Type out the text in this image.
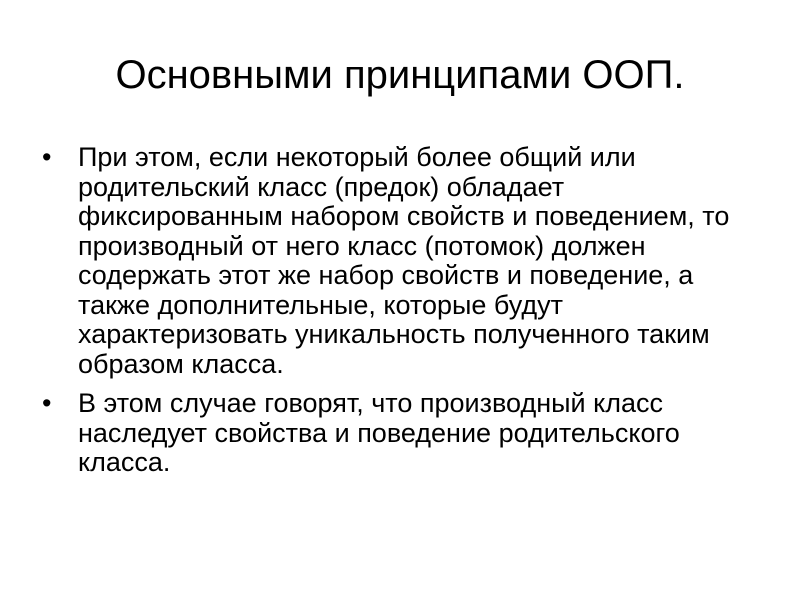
Основными принципами ООП.
• При этом, если некоторый более общий или родительский класс (предок) обладает фиксированным набором свойств и поведением, то производный от него класс (потомок) должен содержать этот же набор свойств и поведение, а также дополнительные, которые будут характеризовать уникальность полученного таким образом класса.
• В этом случае говорят, что производный класс наследует свойства и поведение родительского класса.
